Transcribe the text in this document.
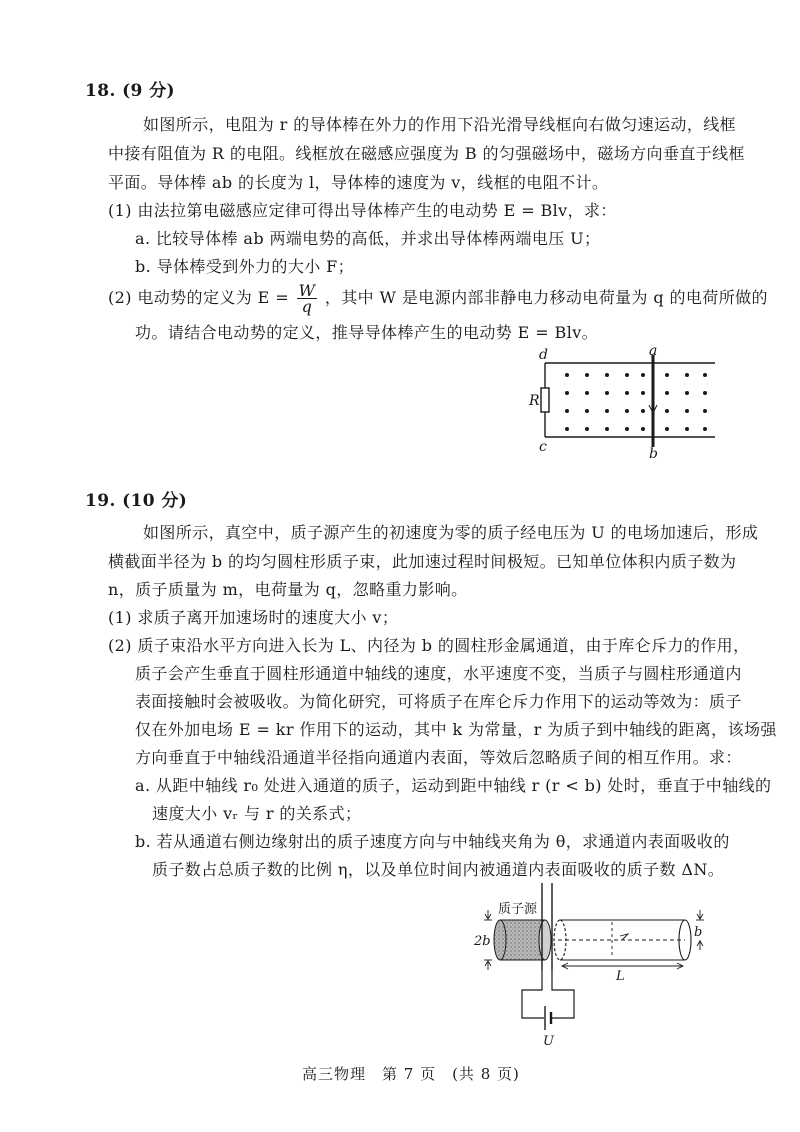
18. (9 分)
如图所示，电阻为 r 的导体棒在外力的作用下沿光滑导线框向右做匀速运动，线框
中接有阻值为 R 的电阻。线框放在磁感应强度为 B 的匀强磁场中，磁场方向垂直于线框
平面。导体棒 ab 的长度为 l，导体棒的速度为 v，线框的电阻不计。
(1) 由法拉第电磁感应定律可得出导体棒产生的电动势 E = Blv，求：
a. 比较导体棒 ab 两端电势的高低，并求出导体棒两端电压 U；
b. 导体棒受到外力的大小 F；
(2) 电动势的定义为 $E = \frac{W}{q}$ ，其中 W 是电源内部非静电力移动电荷量为 q 的电荷所做的
功。请结合电动势的定义，推导导体棒产生的电动势 E = Blv。
a
b
d
c
R
19. (10 分)
如图所示，真空中，质子源产生的初速度为零的质子经电压为 U 的电场加速后，形成
横截面半径为 b 的均匀圆柱形质子束，此加速过程时间极短。已知单位体积内质子数为
n，质子质量为 m，电荷量为 q，忽略重力影响。
(1) 求质子离开加速场时的速度大小 v；
(2) 质子束沿水平方向进入长为 L、内径为 b 的圆柱形金属通道，由于库仑斥力的作用，
质子会产生垂直于圆柱形通道中轴线的速度，水平速度不变，当质子与圆柱形通道内
表面接触时会被吸收。为简化研究，可将质子在库仑斥力作用下的运动等效为：质子
仅在外加电场 E = kr 作用下的运动，其中 k 为常量，r 为质子到中轴线的距离，该场强
方向垂直于中轴线沿通道半径指向通道内表面，等效后忽略质子间的相互作用。求：
a. 从距中轴线 r₀ 处进入通道的质子，运动到距中轴线 r (r < b) 处时，垂直于中轴线的
速度大小 vᵣ 与 r 的关系式；
b. 若从通道右侧边缘射出的质子速度方向与中轴线夹角为 θ，求通道内表面吸收的
质子数占总质子数的比例 η，以及单位时间内被通道内表面吸收的质子数 ΔN。
质子源
2b
b
L
U
高三物理　第 7 页　(共 8 页)
